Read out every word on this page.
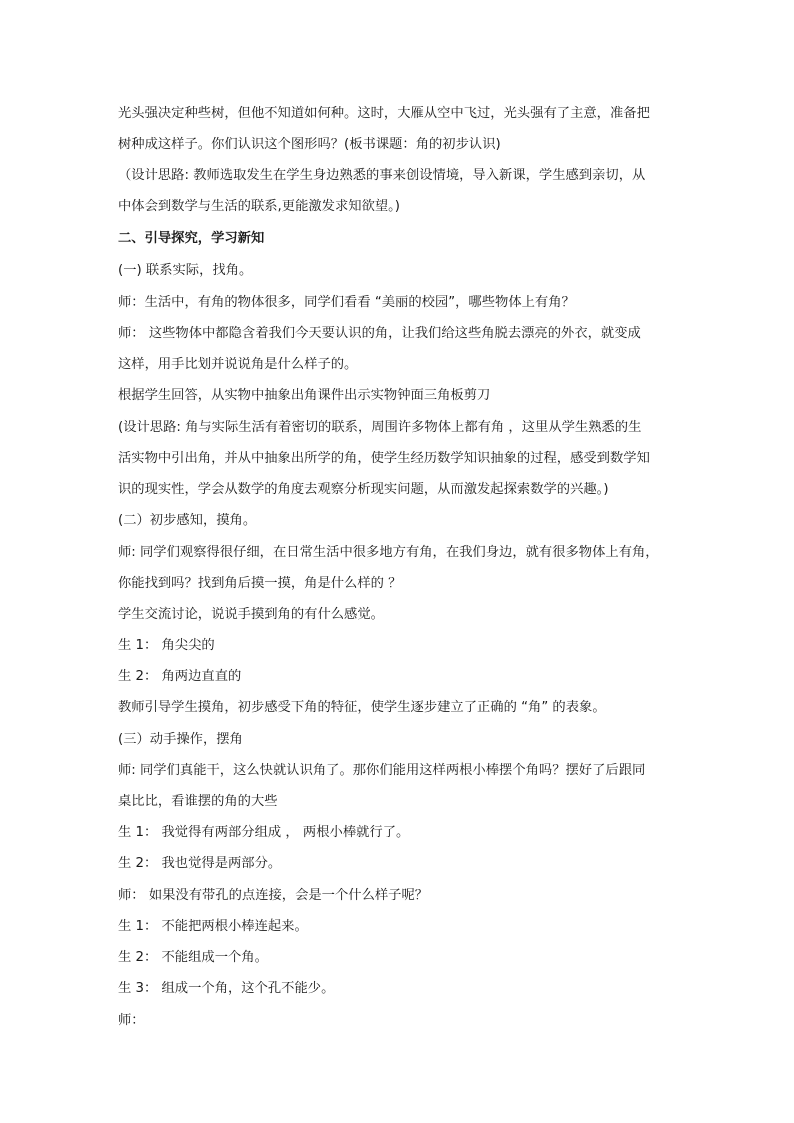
光头强决定种些树，但他不知道如何种。这时，大雁从空中飞过，光头强有了主意，准备把
树种成这样子。你们认识这个图形吗？(板书课题：角的初步认识)
（设计思路: 教师选取发生在学生身边熟悉的事来创设情境，导入新课，学生感到亲切，从
中体会到数学与生活的联系,更能激发求知欲望。)
二、引导探究，学习新知
(一) 联系实际，找角。
师：生活中，有角的物体很多，同学们看看 “美丽的校园”，哪些物体上有角？
师： 这些物体中都隐含着我们今天要认识的角，让我们给这些角脱去漂亮的外衣，就变成
这样，用手比划并说说角是什么样子的。
根据学生回答，从实物中抽象出角课件出示实物钟面三角板剪刀
(设计思路: 角与实际生活有着密切的联系，周围许多物体上都有角 ，这里从学生熟悉的生
活实物中引出角，并从中抽象出所学的角，使学生经历数学知识抽象的过程，感受到数学知
识的现实性，学会从数学的角度去观察分析现实问题，从而激发起探索数学的兴趣。)
(二）初步感知，摸角。
师: 同学们观察得很仔细，在日常生活中很多地方有角，在我们身边，就有很多物体上有角，
你能找到吗？找到角后摸一摸，角是什么样的 ？
学生交流讨论，说说手摸到角的有什么感觉。
生 1： 角尖尖的
生 2： 角两边直直的
教师引导学生摸角，初步感受下角的特征，使学生逐步建立了正确的 “角” 的表象。
(三）动手操作，摆角
师: 同学们真能干，这么快就认识角了。那你们能用这样两根小棒摆个角吗？摆好了后跟同
桌比比，看谁摆的角的大些
生 1： 我觉得有两部分组成 ， 两根小棒就行了。
生 2： 我也觉得是两部分。
师： 如果没有带孔的点连接，会是一个什么样子呢？
生 1： 不能把两根小棒连起来。
生 2： 不能组成一个角。
生 3： 组成一个角，这个孔不能少。
师：
